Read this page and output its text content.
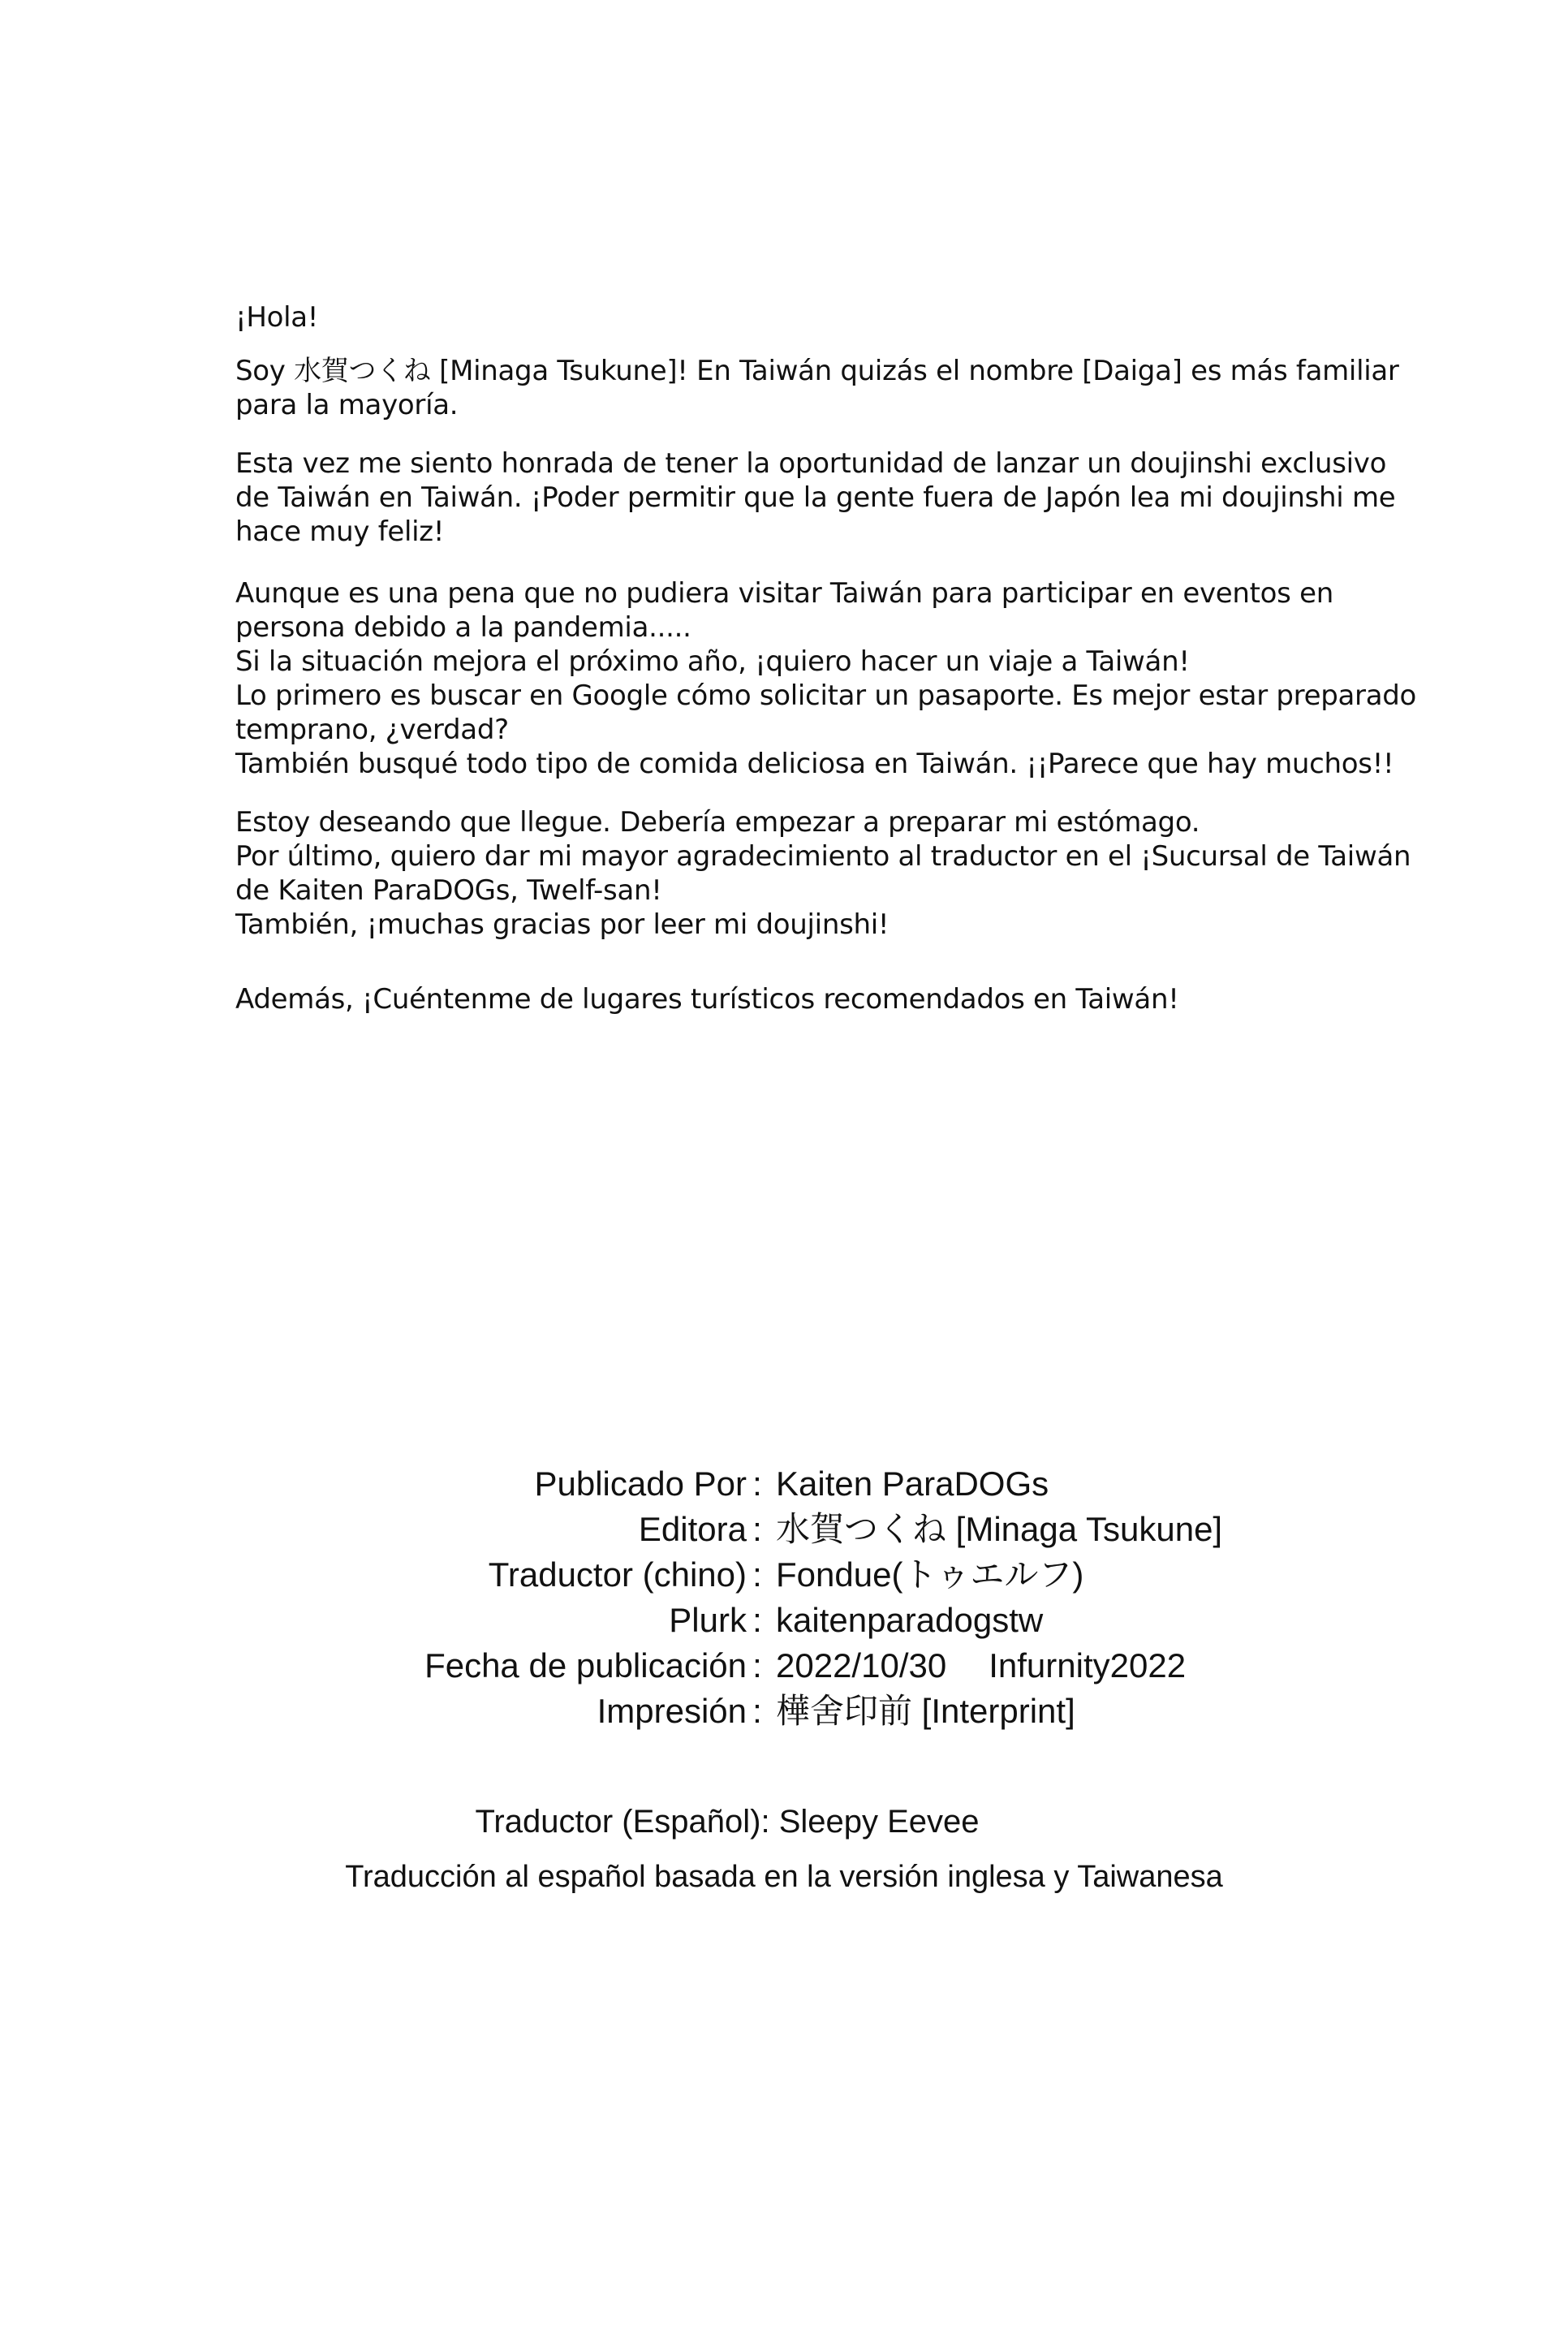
¡Hola!

Soy 水賀つくね [Minaga Tsukune]! En Taiwán quizás el nombre [Daiga] es más familiar para la mayoría.

Esta vez me siento honrada de tener la oportunidad de lanzar un doujinshi exclusivo de Taiwán en Taiwán. ¡Poder permitir que la gente fuera de Japón lea mi doujinshi me hace muy feliz!

Aunque es una pena que no pudiera visitar Taiwán para participar en eventos en persona debido a la pandemia.....

Si la situación mejora el próximo año, ¡quiero hacer un viaje a Taiwán!

Lo primero es buscar en Google cómo solicitar un pasaporte. Es mejor estar preparado temprano, ¿verdad?

También busqué todo tipo de comida deliciosa en Taiwán. ¡¡Parece que hay muchos!!

Estoy deseando que llegue. Debería empezar a preparar mi estómago.

Por último, quiero dar mi mayor agradecimiento al traductor en el ¡Sucursal de Taiwán de Kaiten ParaDOGs, Twelf-san!

También, ¡muchas gracias por leer mi doujinshi!

Además, ¡Cuéntenme de lugares turísticos recomendados en Taiwán!

Publicado Por : Kaiten ParaDOGs
Editora : 水賀つくね [Minaga Tsukune]
Traductor (chino) : Fondue(トゥエルフ)
Plurk : kaitenparadogstw
Fecha de publicación : 2022/10/30 Infurnity2022
Impresión : 樺舍印前 [Interprint]
Traductor (Español): Sleepy Eevee
Traducción al español basada en la versión inglesa y Taiwanesa
